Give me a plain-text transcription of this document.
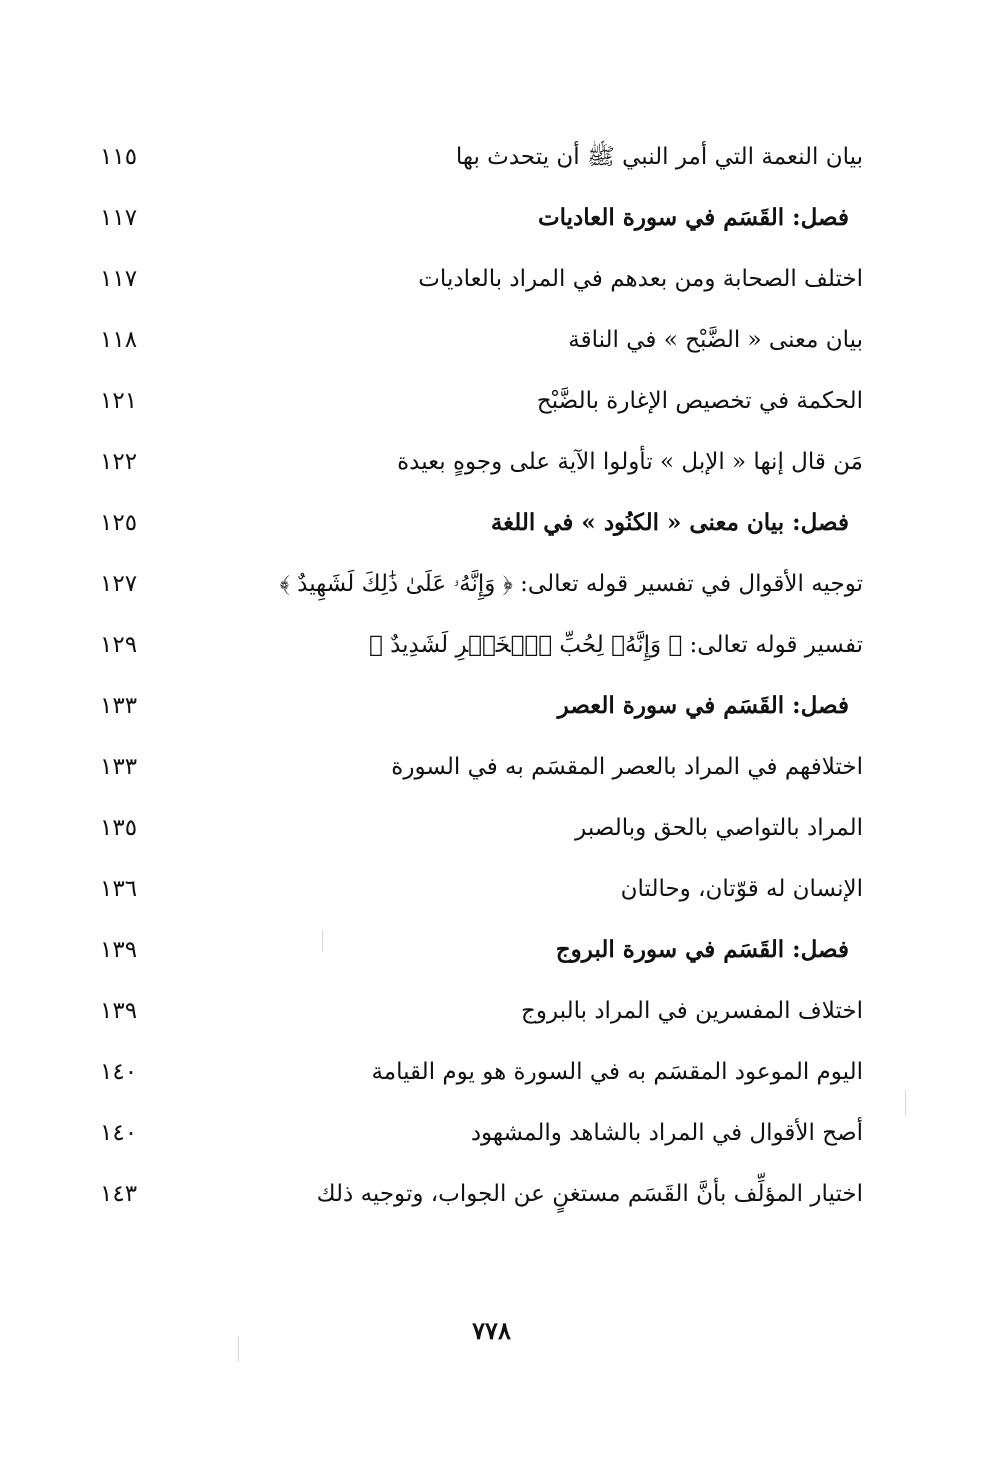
بيان النعمة التي أمر النبي ﷺ أن يتحدث بها
١١٥
فصل: القَسَم في سورة العاديات
١١٧
اختلف الصحابة ومن بعدهم في المراد بالعاديات
١١٧
بيان معنى « الضَّبْح » في الناقة
١١٨
الحكمة في تخصيص الإغارة بالضَّبْح
١٢١
مَن قال إنها « الإبل » تأولوا الآية على وجوهٍ بعيدة
١٢٢
فصل: بيان معنى « الكنُود » في اللغة
١٢٥
توجيه الأقوال في تفسير قوله تعالى: ﴿ وَإِنَّهُۥ عَلَىٰ ذَٰلِكَ لَشَهِيدٌ ﴾
١٢٧
تفسير قوله تعالى: ﴿ وَإِنَّهُۥ لِحُبِّ ٱلۡخَيۡرِ لَشَدِيدٌ ﴾
١٢٩
فصل: القَسَم في سورة العصر
١٣٣
اختلافهم في المراد بالعصر المقسَم به في السورة
١٣٣
المراد بالتواصي بالحق وبالصبر
١٣٥
الإنسان له قوّتان، وحالتان
١٣٦
فصل: القَسَم في سورة البروج
١٣٩
اختلاف المفسرين في المراد بالبروج
١٣٩
اليوم الموعود المقسَم به في السورة هو يوم القيامة
١٤٠
أصح الأقوال في المراد بالشاهد والمشهود
١٤٠
اختيار المؤلِّف بأنَّ القَسَم مستغنٍ عن الجواب، وتوجيه ذلك
١٤٣
٧٧٨
